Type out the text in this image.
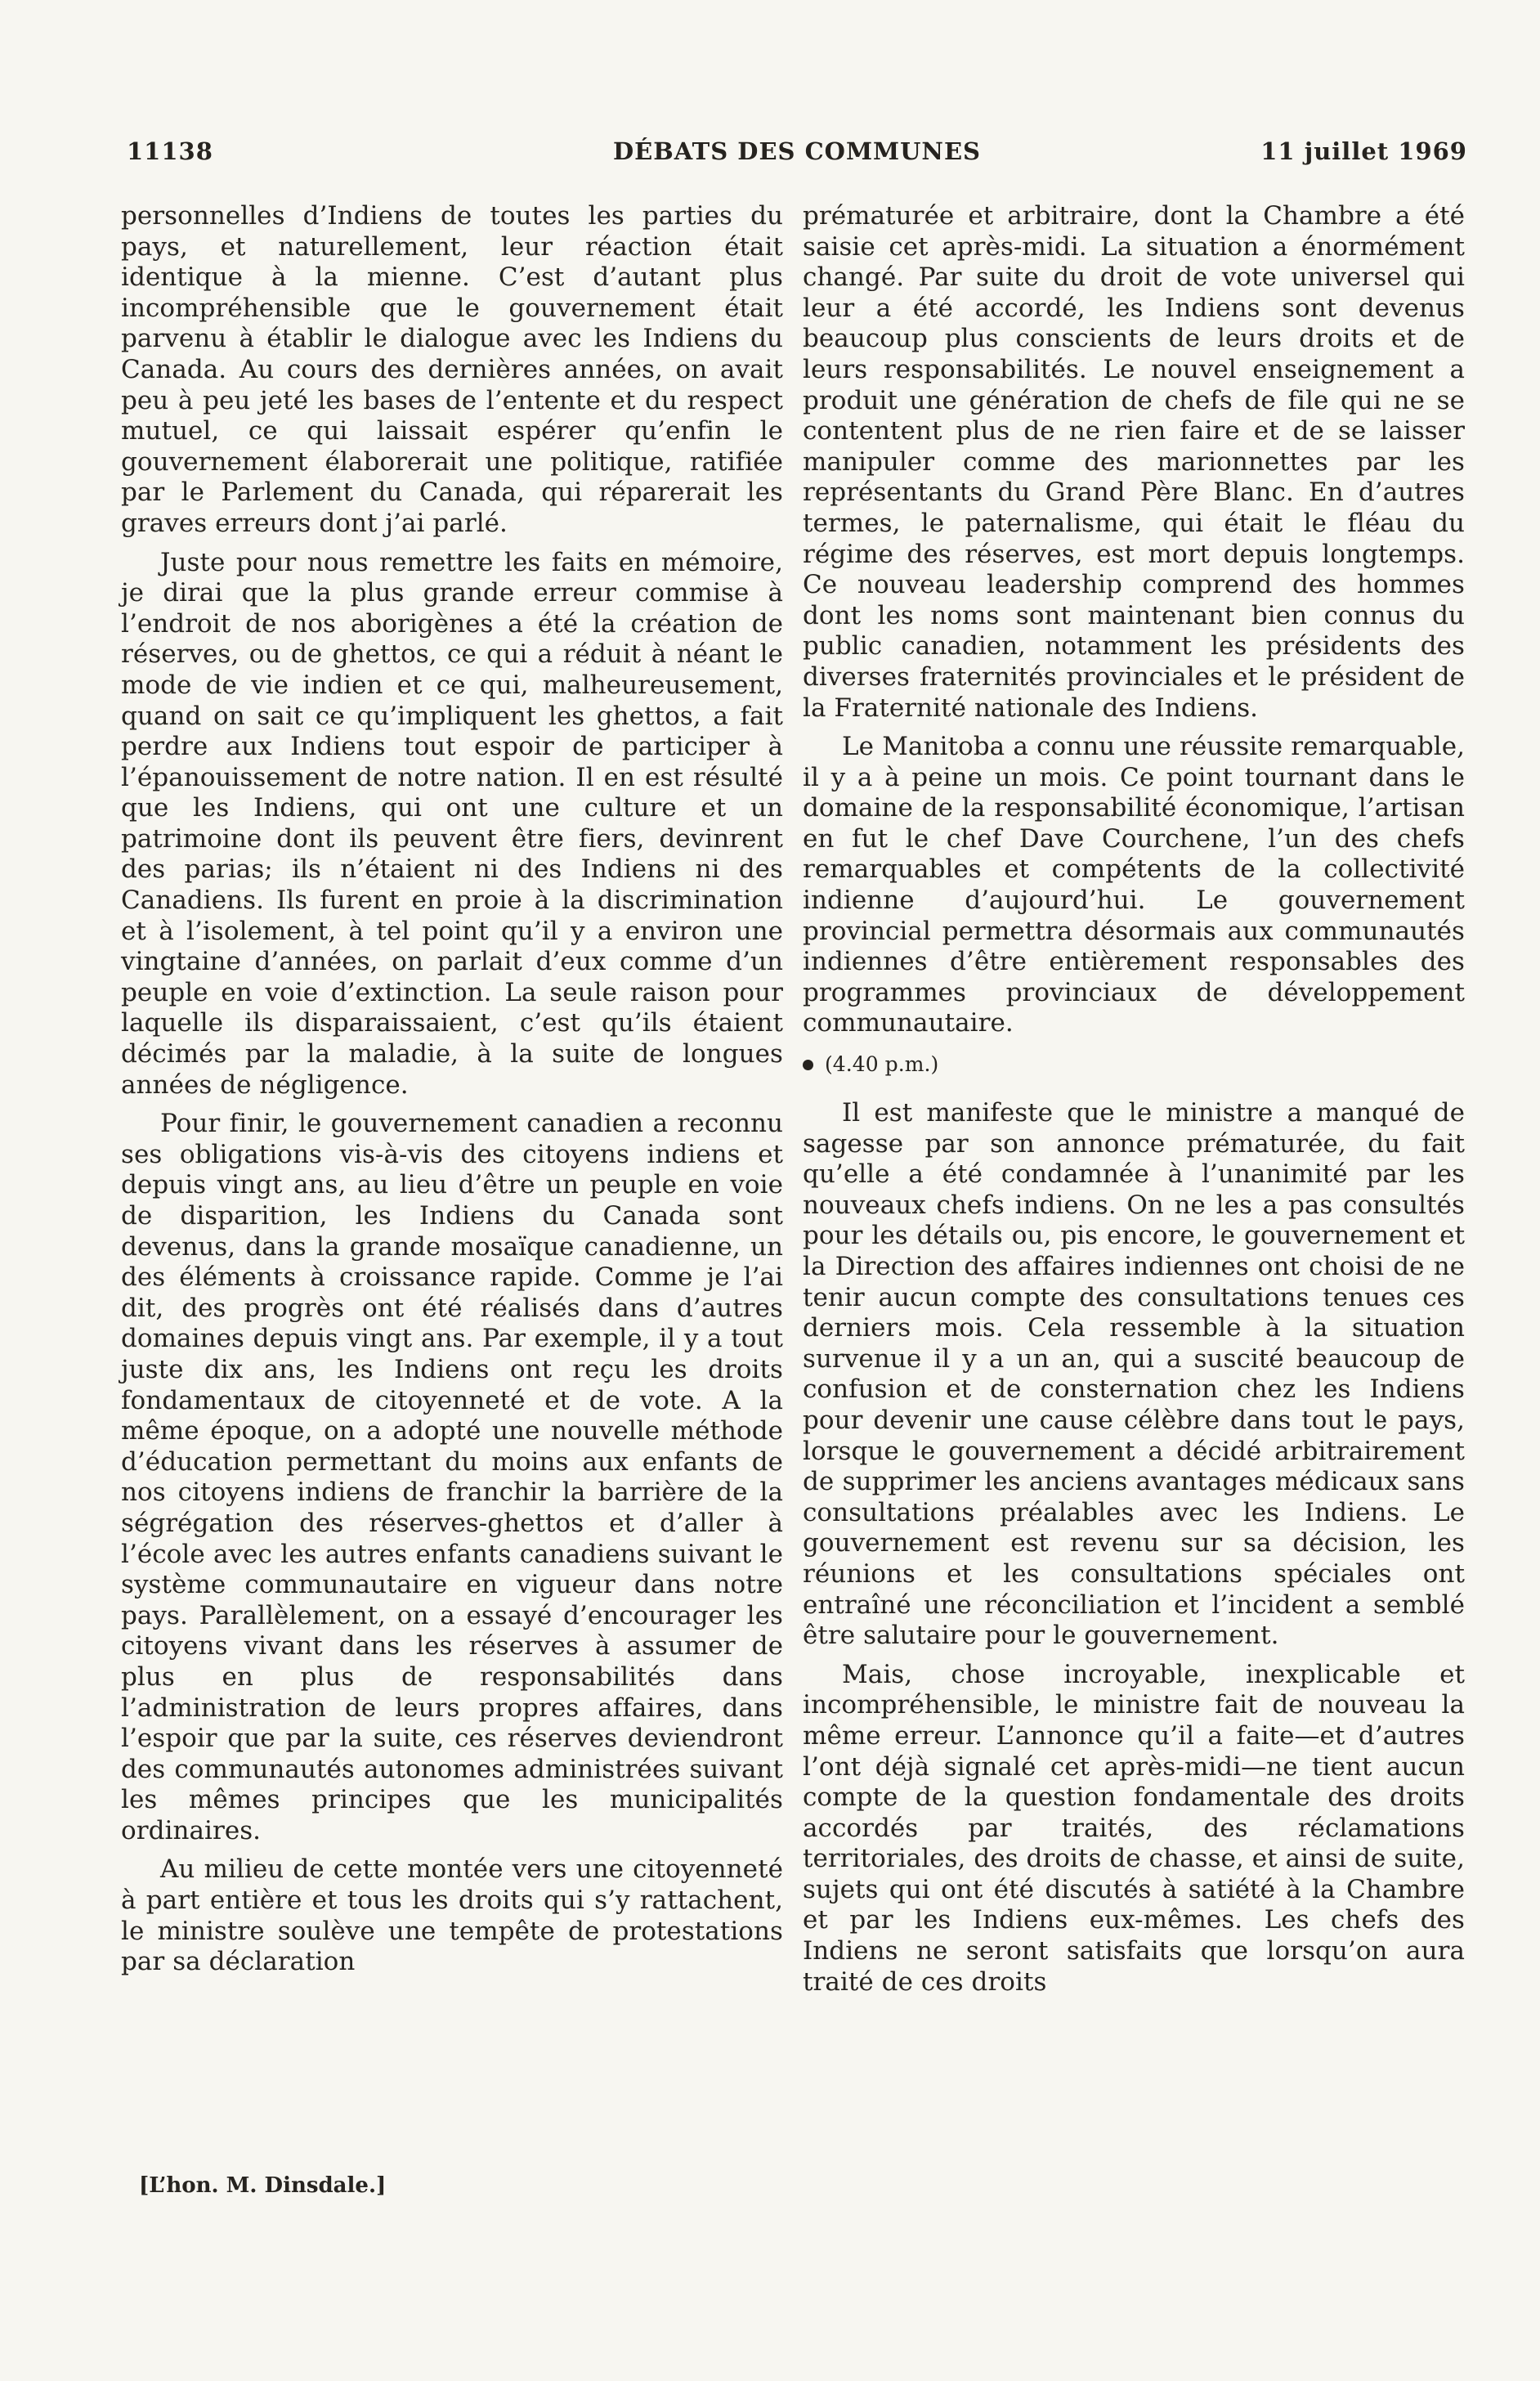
11138	DÉBATS DES COMMUNES	11 juillet 1969

personnelles d’Indiens de toutes les parties du pays, et naturellement, leur réaction était identique à la mienne. C’est d’autant plus incompréhensible que le gouvernement était parvenu à établir le dialogue avec les Indiens du Canada. Au cours des dernières années, on avait peu à peu jeté les bases de l’entente et du respect mutuel, ce qui laissait espérer qu’enfin le gouvernement élaborerait une politique, ratifiée par le Parlement du Canada, qui réparerait les graves erreurs dont j’ai parlé.

Juste pour nous remettre les faits en mémoire, je dirai que la plus grande erreur commise à l’endroit de nos aborigènes a été la création de réserves, ou de ghettos, ce qui a réduit à néant le mode de vie indien et ce qui, malheureusement, quand on sait ce qu’impliquent les ghettos, a fait perdre aux Indiens tout espoir de participer à l’épanouissement de notre nation. Il en est résulté que les Indiens, qui ont une culture et un patrimoine dont ils peuvent être fiers, devinrent des parias; ils n’étaient ni des Indiens ni des Canadiens. Ils furent en proie à la discrimination et à l’isolement, à tel point qu’il y a environ une vingtaine d’années, on parlait d’eux comme d’un peuple en voie d’extinction. La seule raison pour laquelle ils disparaissaient, c’est qu’ils étaient décimés par la maladie, à la suite de longues années de négligence.

Pour finir, le gouvernement canadien a reconnu ses obligations vis-à-vis des citoyens indiens et depuis vingt ans, au lieu d’être un peuple en voie de disparition, les Indiens du Canada sont devenus, dans la grande mosaïque canadienne, un des éléments à croissance rapide. Comme je l’ai dit, des progrès ont été réalisés dans d’autres domaines depuis vingt ans. Par exemple, il y a tout juste dix ans, les Indiens ont reçu les droits fondamentaux de citoyenneté et de vote. A la même époque, on a adopté une nouvelle méthode d’éducation permettant du moins aux enfants de nos citoyens indiens de franchir la barrière de la ségrégation des réserves-ghettos et d’aller à l’école avec les autres enfants canadiens suivant le système communautaire en vigueur dans notre pays. Parallèlement, on a essayé d’encourager les citoyens vivant dans les réserves à assumer de plus en plus de responsabilités dans l’administration de leurs propres affaires, dans l’espoir que par la suite, ces réserves deviendront des communautés autonomes administrées suivant les mêmes principes que les municipalités ordinaires.

Au milieu de cette montée vers une citoyenneté à part entière et tous les droits qui s’y rattachent, le ministre soulève une tempête de protestations par sa déclaration

[L’hon. M. Dinsdale.]

prématurée et arbitraire, dont la Chambre a été saisie cet après-midi. La situation a énormément changé. Par suite du droit de vote universel qui leur a été accordé, les Indiens sont devenus beaucoup plus conscients de leurs droits et de leurs responsabilités. Le nouvel enseignement a produit une génération de chefs de file qui ne se contentent plus de ne rien faire et de se laisser manipuler comme des marionnettes par les représentants du Grand Père Blanc. En d’autres termes, le paternalisme, qui était le fléau du régime des réserves, est mort depuis longtemps. Ce nouveau leadership comprend des hommes dont les noms sont maintenant bien connus du public canadien, notamment les présidents des diverses fraternités provinciales et le président de la Fraternité nationale des Indiens.

Le Manitoba a connu une réussite remarquable, il y a à peine un mois. Ce point tournant dans le domaine de la responsabilité économique, l’artisan en fut le chef Dave Courchene, l’un des chefs remarquables et compétents de la collectivité indienne d’aujourd’hui. Le gouvernement provincial permettra désormais aux communautés indiennes d’être entièrement responsables des programmes provinciaux de développement communautaire.

(4.40 p.m.)

Il est manifeste que le ministre a manqué de sagesse par son annonce prématurée, du fait qu’elle a été condamnée à l’unanimité par les nouveaux chefs indiens. On ne les a pas consultés pour les détails ou, pis encore, le gouvernement et la Direction des affaires indiennes ont choisi de ne tenir aucun compte des consultations tenues ces derniers mois. Cela ressemble à la situation survenue il y a un an, qui a suscité beaucoup de confusion et de consternation chez les Indiens pour devenir une cause célèbre dans tout le pays, lorsque le gouvernement a décidé arbitrairement de supprimer les anciens avantages médicaux sans consultations préalables avec les Indiens. Le gouvernement est revenu sur sa décision, les réunions et les consultations spéciales ont entraîné une réconciliation et l’incident a semblé être salutaire pour le gouvernement.

Mais, chose incroyable, inexplicable et incompréhensible, le ministre fait de nouveau la même erreur. L’annonce qu’il a faite—et d’autres l’ont déjà signalé cet après-midi—ne tient aucun compte de la question fondamentale des droits accordés par traités, des réclamations territoriales, des droits de chasse, et ainsi de suite, sujets qui ont été discutés à satiété à la Chambre et par les Indiens eux-mêmes. Les chefs des Indiens ne seront satisfaits que lorsqu’on aura traité de ces droits
